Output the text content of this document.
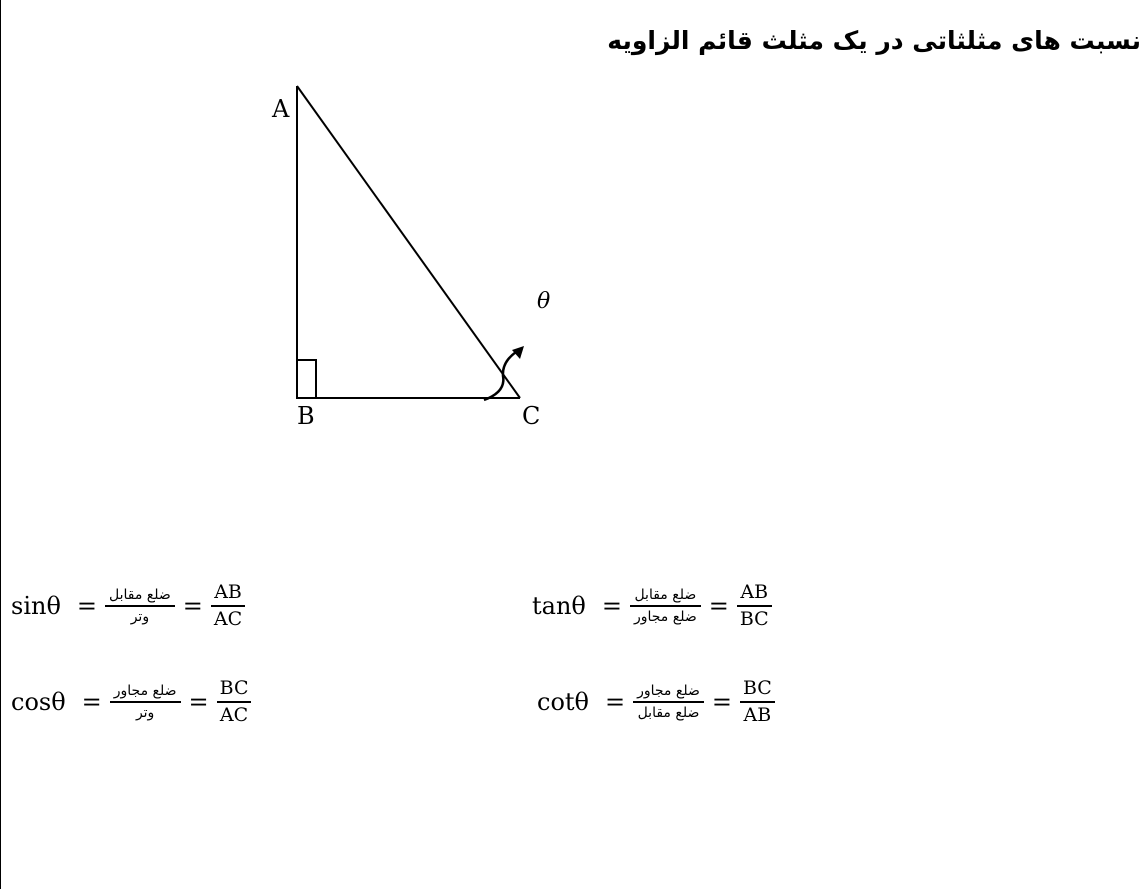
نسبت های مثلثاتی در یک مثلث قائم الزاویه
A
B	C
θ
$\sin\theta = \frac{\text{ضلع مقابل}}{\text{وتر}} = \frac{AB}{AC}$
$\cos\theta = \frac{\text{ضلع مجاور}}{\text{وتر}} = \frac{BC}{AC}$
$\tan\theta = \frac{\text{ضلع مقابل}}{\text{ضلع مجاور}} = \frac{AB}{BC}$
$\cot\theta = \frac{\text{ضلع مجاور}}{\text{ضلع مقابل}} = \frac{BC}{AB}$
